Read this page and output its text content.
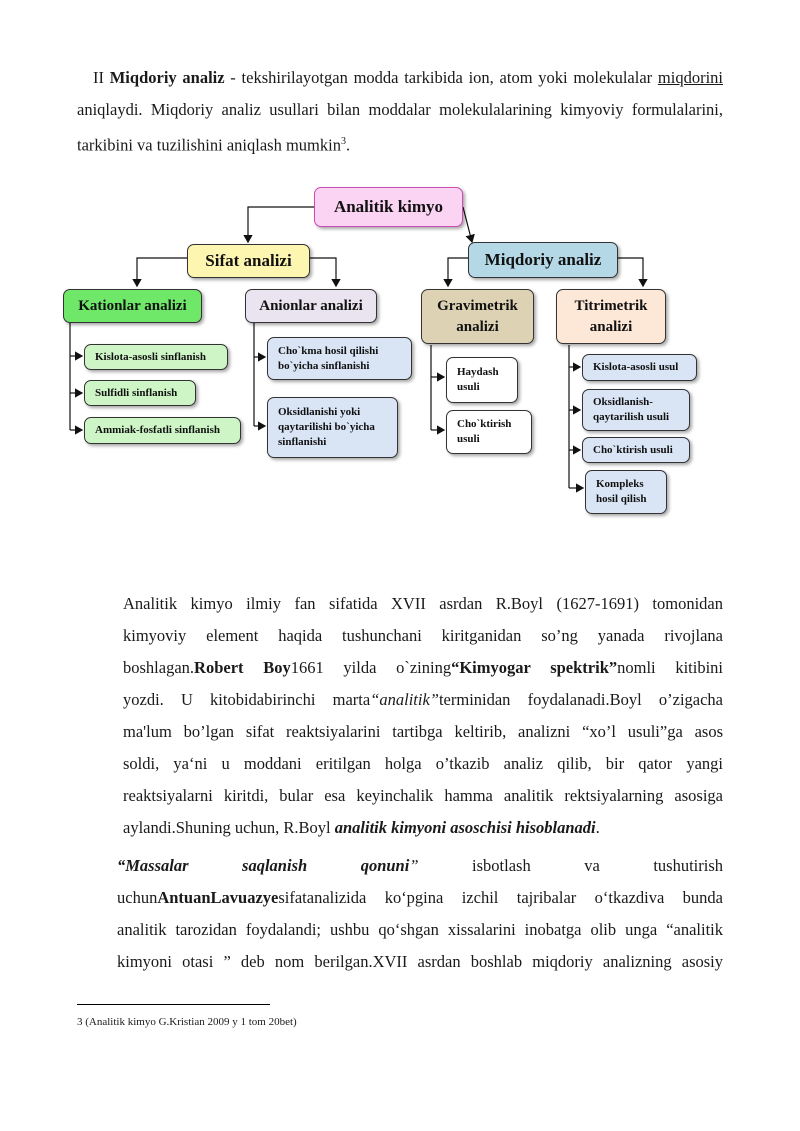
II Miqdoriy analiz - tekshirilayotgan modda tarkibida ion, atom yoki molekulalar miqdorini aniqlaydi. Miqdoriy analiz usullari bilan moddalar molekulalarining kimyoviy formulalarini, tarkibini va tuzilishini aniqlash mumkin$^3$.
Analitik kimyo
Sifat analizi	Miqdoriy analiz
Kationlar analizi	Anionlar analizi	Gravimetrik
analizi
Titrimetrik
analizi
Kislota-asosli sinflanish
Sulfidli sinflanish
Ammiak-fosfatli sinflanish
Cho`kma hosil qilishi
bo`yicha sinflanishi
Oksidlanishi yoki
qaytarilishi bo`yicha
sinflanishi
Haydash
usuli
Cho`ktirish
usuli
Kislota-asosli usul
Oksidlanish-
qaytarilish usuli
Cho`ktirish usuli
Kompleks
hosil qilish
Analitik kimyo ilmiy fan sifatida XVII asrdan R.Boyl (1627-1691) tomonidan
kimyoviy element haqida tushunchani kiritganidan so’ng yanada rivojlana
boshlagan.Robert Boy1661 yilda o`zining“Kimyogar spektrik”nomli kitibini
yozdi. U kitobidabirinchi marta“analitik”terminidan foydalanadi.Boyl o’zigacha
ma'lum bo’lgan sifat reaktsiyalarini tartibga keltirib, analizni “xo’l usuli”ga asos
soldi, ya‘ni u moddani eritilgan holga o’tkazib analiz qilib, bir qator yangi
reaktsiyalarni kiritdi, bular esa keyinchalik hamma analitik rektsiyalarning asosiga
aylandi.Shuning uchun, R.Boyl analitik kimyoni asoschisi hisoblanadi.
“Massalar saqlanish qonuni” isbotlash va tushutirish
uchunAntuanLavuazyesifatanalizida ko‘pgina izchil tajribalar o‘tkazdiva bunda
analitik tarozidan foydalandi; ushbu qo‘shgan xissalarini inobatga olib unga “analitik
kimyoni otasi ” deb nom berilgan.XVII asrdan boshlab miqdoriy analizning asosiy
3 (Analitik kimyo G.Kristian 2009 y 1 tom 20bet)
